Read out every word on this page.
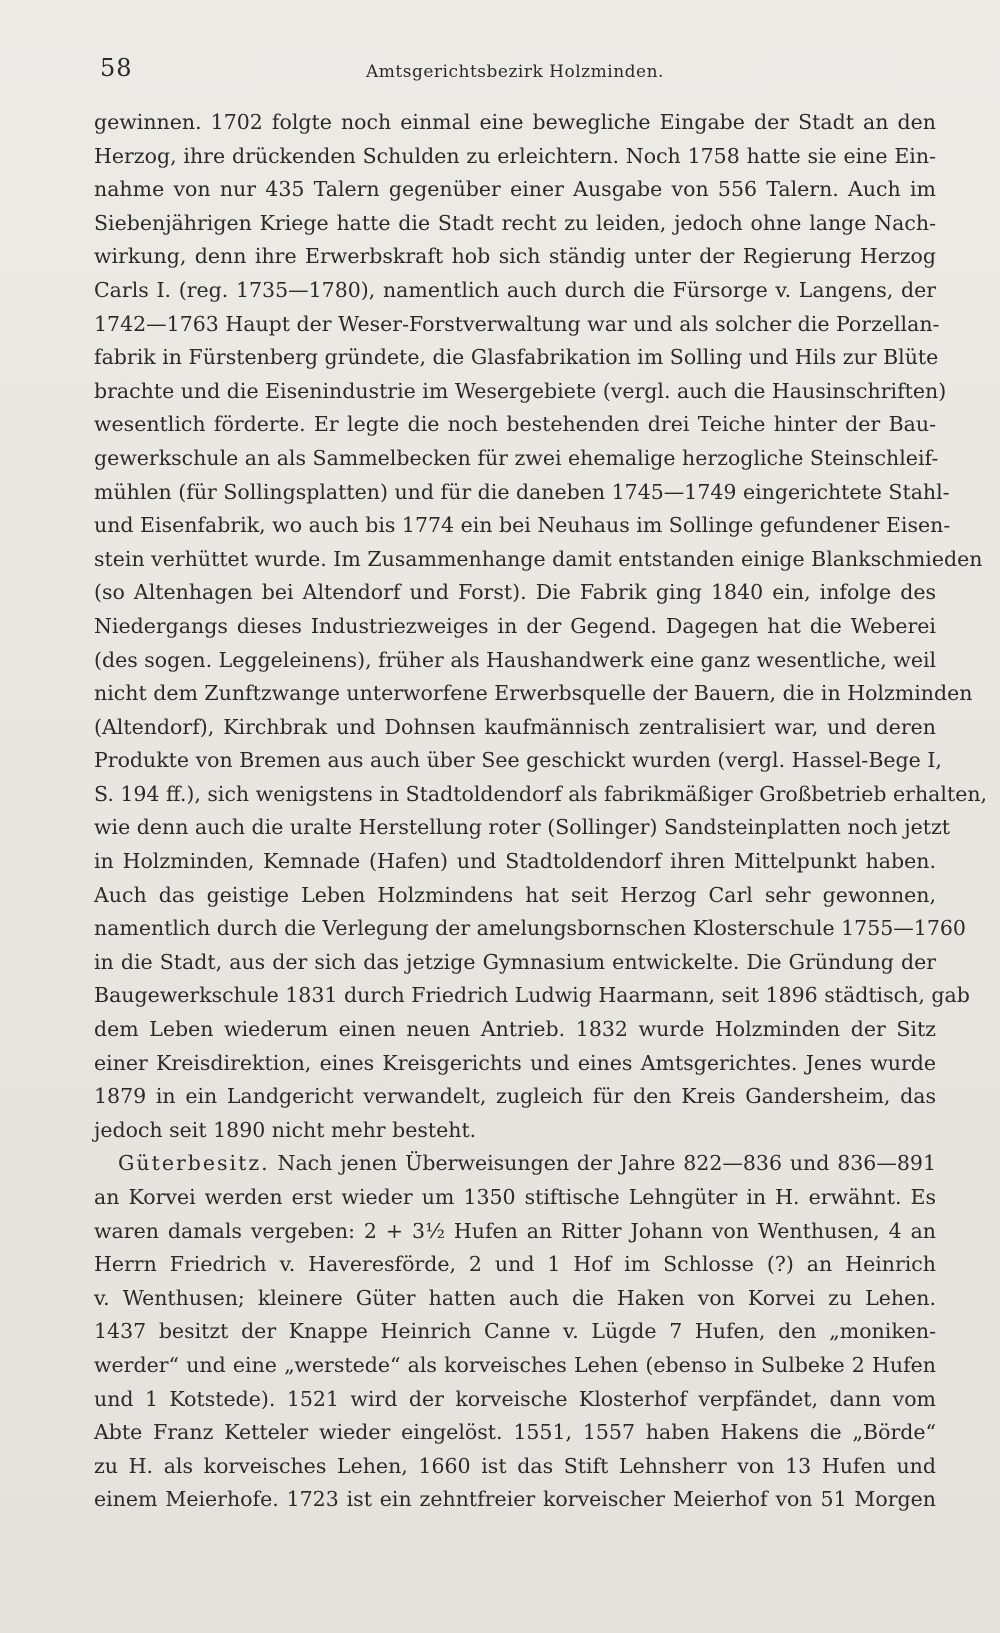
58	Amtsgerichtsbezirk Holzminden.
gewinnen. 1702 folgte noch einmal eine bewegliche Eingabe der Stadt an den
Herzog, ihre drückenden Schulden zu erleichtern. Noch 1758 hatte sie eine Ein-
nahme von nur 435 Talern gegenüber einer Ausgabe von 556 Talern. Auch im
Siebenjährigen Kriege hatte die Stadt recht zu leiden, jedoch ohne lange Nach-
wirkung, denn ihre Erwerbskraft hob sich ständig unter der Regierung Herzog
Carls I. (reg. 1735—1780), namentlich auch durch die Fürsorge v. Langens, der
1742—1763 Haupt der Weser-Forstverwaltung war und als solcher die Porzellan-
fabrik in Fürstenberg gründete, die Glasfabrikation im Solling und Hils zur Blüte
brachte und die Eisenindustrie im Wesergebiete (vergl. auch die Hausinschriften)
wesentlich förderte. Er legte die noch bestehenden drei Teiche hinter der Bau-
gewerkschule an als Sammelbecken für zwei ehemalige herzogliche Steinschleif-
mühlen (für Sollingsplatten) und für die daneben 1745—1749 eingerichtete Stahl-
und Eisenfabrik, wo auch bis 1774 ein bei Neuhaus im Sollinge gefundener Eisen-
stein verhüttet wurde. Im Zusammenhange damit entstanden einige Blankschmieden
(so Altenhagen bei Altendorf und Forst). Die Fabrik ging 1840 ein, infolge des
Niedergangs dieses Industriezweiges in der Gegend. Dagegen hat die Weberei
(des sogen. Leggeleinens), früher als Haushandwerk eine ganz wesentliche, weil
nicht dem Zunftzwange unterworfene Erwerbsquelle der Bauern, die in Holzminden
(Altendorf), Kirchbrak und Dohnsen kaufmännisch zentralisiert war, und deren
Produkte von Bremen aus auch über See geschickt wurden (vergl. Hassel-Bege I,
S. 194 ff.), sich wenigstens in Stadtoldendorf als fabrikmäßiger Großbetrieb erhalten,
wie denn auch die uralte Herstellung roter (Sollinger) Sandsteinplatten noch jetzt
in Holzminden, Kemnade (Hafen) und Stadtoldendorf ihren Mittelpunkt haben.
Auch das geistige Leben Holzmindens hat seit Herzog Carl sehr gewonnen,
namentlich durch die Verlegung der amelungsbornschen Klosterschule 1755—1760
in die Stadt, aus der sich das jetzige Gymnasium entwickelte. Die Gründung der
Baugewerkschule 1831 durch Friedrich Ludwig Haarmann, seit 1896 städtisch, gab
dem Leben wiederum einen neuen Antrieb. 1832 wurde Holzminden der Sitz
einer Kreisdirektion, eines Kreisgerichts und eines Amtsgerichtes. Jenes wurde
1879 in ein Landgericht verwandelt, zugleich für den Kreis Gandersheim, das
jedoch seit 1890 nicht mehr besteht.
Güterbesitz. Nach jenen Überweisungen der Jahre 822—836 und 836—891
an Korvei werden erst wieder um 1350 stiftische Lehngüter in H. erwähnt. Es
waren damals vergeben: 2 + 3½ Hufen an Ritter Johann von Wenthusen, 4 an
Herrn Friedrich v. Haveresförde, 2 und 1 Hof im Schlosse (?) an Heinrich
v. Wenthusen; kleinere Güter hatten auch die Haken von Korvei zu Lehen.
1437 besitzt der Knappe Heinrich Canne v. Lügde 7 Hufen, den „moniken-
werder“ und eine „werstede“ als korveisches Lehen (ebenso in Sulbeke 2 Hufen
und 1 Kotstede). 1521 wird der korveische Klosterhof verpfändet, dann vom
Abte Franz Ketteler wieder eingelöst. 1551, 1557 haben Hakens die „Börde“
zu H. als korveisches Lehen, 1660 ist das Stift Lehnsherr von 13 Hufen und
einem Meierhofe. 1723 ist ein zehntfreier korveischer Meierhof von 51 Morgen
